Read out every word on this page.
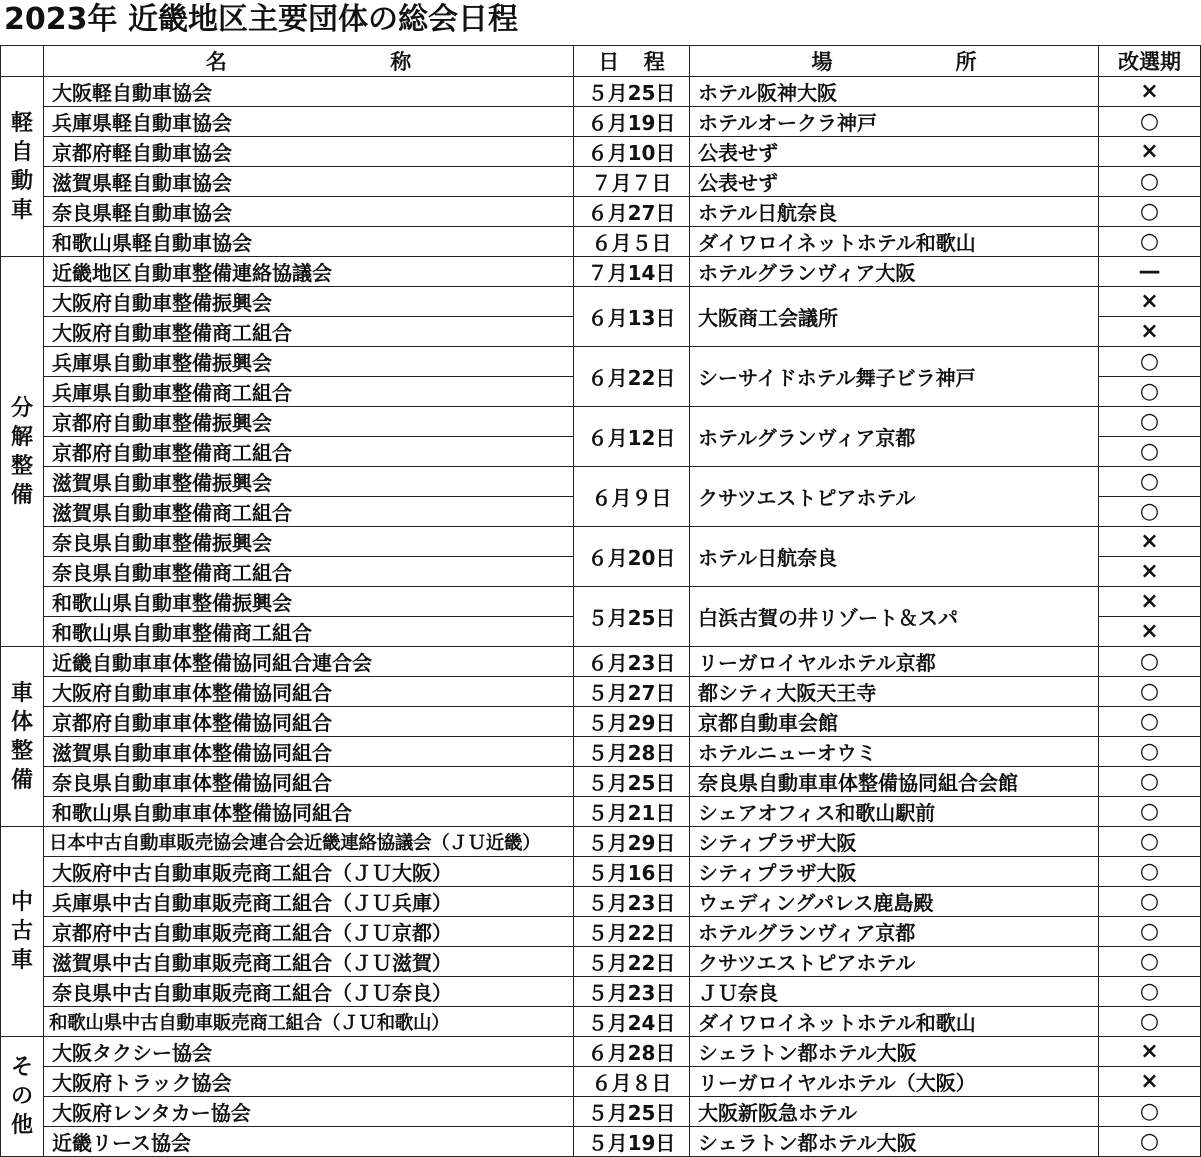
2023年 近畿地区主要団体の総会日程

	名 称	日 程	場 所	改選期

軽
自
動
車	大阪軽自動車協会	５月25日	ホテル阪神大阪	×
	兵庫県軽自動車協会	６月19日	ホテルオークラ神戸	○
	京都府軽自動車協会	６月10日	公表せず	×
	滋賀県軽自動車協会	７月７日	公表せず	○
	奈良県軽自動車協会	６月27日	ホテル日航奈良	○
	和歌山県軽自動車協会	６月５日	ダイワロイネットホテル和歌山	○

分
解
整
備	近畿地区自動車整備連絡協議会	７月14日	ホテルグランヴィア大阪	—
	大阪府自動車整備振興会	６月13日	大阪商工会議所	×
	大阪府自動車整備商工組合			×
	兵庫県自動車整備振興会	６月22日	シーサイドホテル舞子ビラ神戸	○
	兵庫県自動車整備商工組合			○
	京都府自動車整備振興会	６月12日	ホテルグランヴィア京都	○
	京都府自動車整備商工組合			○
	滋賀県自動車整備振興会	６月９日	クサツエストピアホテル	○
	滋賀県自動車整備商工組合			○
	奈良県自動車整備振興会	６月20日	ホテル日航奈良	×
	奈良県自動車整備商工組合			×
	和歌山県自動車整備振興会	５月25日	白浜古賀の井リゾート＆スパ	×
	和歌山県自動車整備商工組合			×

車
体
整
備	近畿自動車車体整備協同組合連合会	６月23日	リーガロイヤルホテル京都	○
	大阪府自動車車体整備協同組合	５月27日	都シティ大阪天王寺	○
	京都府自動車車体整備協同組合	５月29日	京都自動車会館	○
	滋賀県自動車車体整備協同組合	５月28日	ホテルニューオウミ	○
	奈良県自動車車体整備協同組合	５月25日	奈良県自動車車体整備協同組合会館	○
	和歌山県自動車車体整備協同組合	５月21日	シェアオフィス和歌山駅前	○

中
古
車	日本中古自動車販売協会連合会近畿連絡協議会（ＪＵ近畿）	５月29日	シティプラザ大阪	○
	大阪府中古自動車販売商工組合（ＪＵ大阪）	５月16日	シティプラザ大阪	○
	兵庫県中古自動車販売商工組合（ＪＵ兵庫）	５月23日	ウェディングパレス鹿島殿	○
	京都府中古自動車販売商工組合（ＪＵ京都）	５月22日	ホテルグランヴィア京都	○
	滋賀県中古自動車販売商工組合（ＪＵ滋賀）	５月22日	クサツエストピアホテル	○
	奈良県中古自動車販売商工組合（ＪＵ奈良）	５月23日	ＪＵ奈良	○
	和歌山県中古自動車販売商工組合（ＪＵ和歌山）	５月24日	ダイワロイネットホテル和歌山	○

そ
の
他	大阪タクシー協会	６月28日	シェラトン都ホテル大阪	×
	大阪府トラック協会	６月８日	リーガロイヤルホテル（大阪）	×
	大阪府レンタカー協会	５月25日	大阪新阪急ホテル	○
	近畿リース協会	５月19日	シェラトン都ホテル大阪	○
